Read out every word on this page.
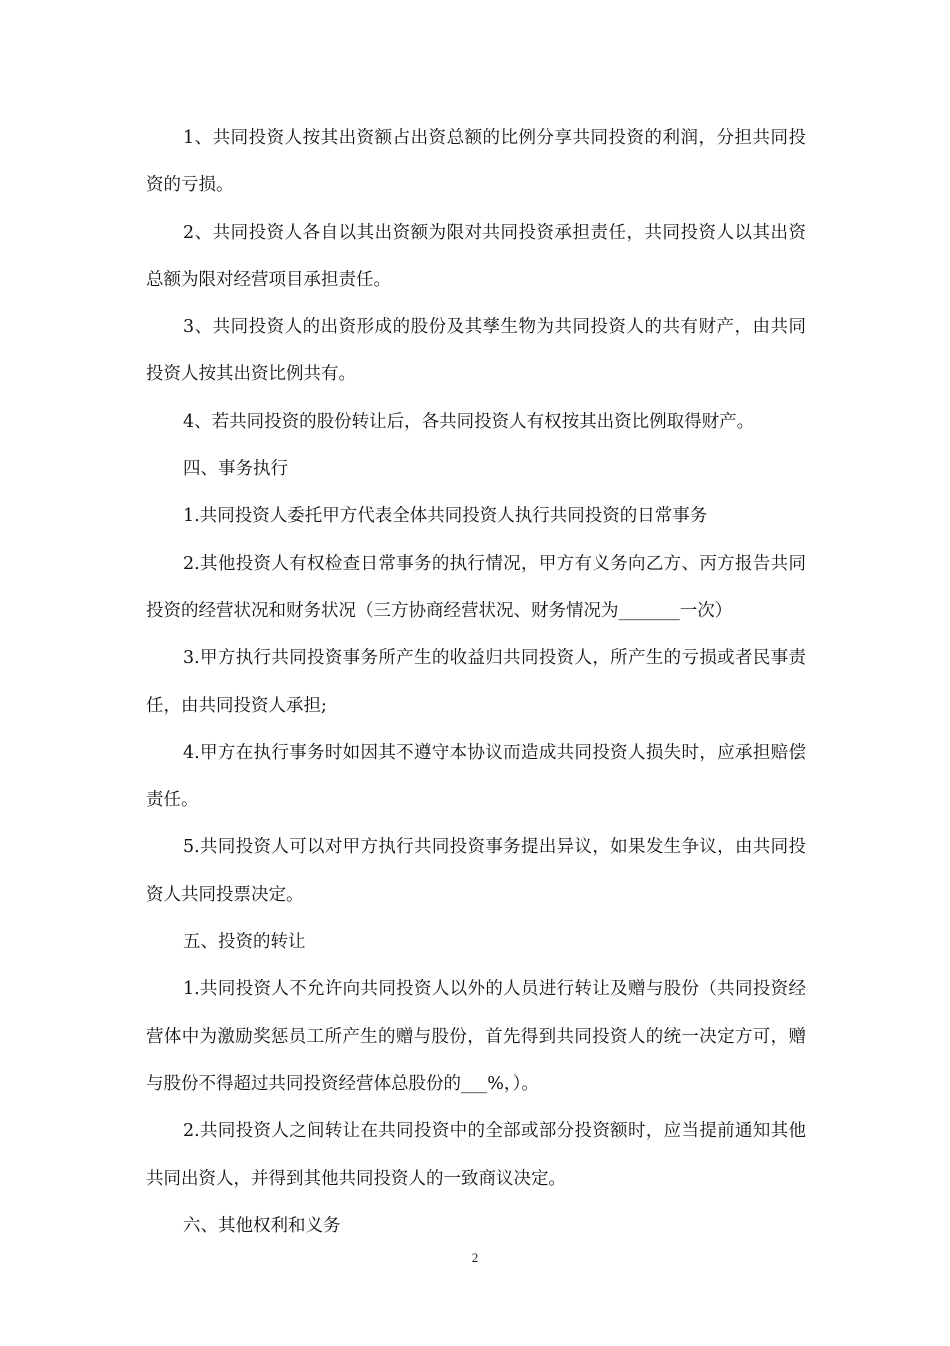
1、共同投资人按其出资额占出资总额的比例分享共同投资的利润，分担共同投资的亏损。

2、共同投资人各自以其出资额为限对共同投资承担责任，共同投资人以其出资总额为限对经营项目承担责任。

3、共同投资人的出资形成的股份及其孳生物为共同投资人的共有财产，由共同投资人按其出资比例共有。

4、若共同投资的股份转让后，各共同投资人有权按其出资比例取得财产。

四、事务执行

1.共同投资人委托甲方代表全体共同投资人执行共同投资的日常事务

2.其他投资人有权检查日常事务的执行情况，甲方有义务向乙方、丙方报告共同投资的经营状况和财务状况（三方协商经营状况、财务情况为_______一次）

3.甲方执行共同投资事务所产生的收益归共同投资人，所产生的亏损或者民事责任，由共同投资人承担;

4.甲方在执行事务时如因其不遵守本协议而造成共同投资人损失时，应承担赔偿责任。

5.共同投资人可以对甲方执行共同投资事务提出异议，如果发生争议，由共同投资人共同投票决定。

五、投资的转让

1.共同投资人不允许向共同投资人以外的人员进行转让及赠与股份（共同投资经营体中为激励奖惩员工所产生的赠与股份，首先得到共同投资人的统一决定方可，赠与股份不得超过共同投资经营体总股份的___%，）。

2.共同投资人之间转让在共同投资中的全部或部分投资额时，应当提前通知其他共同出资人，并得到其他共同投资人的一致商议决定。

六、其他权利和义务

2
